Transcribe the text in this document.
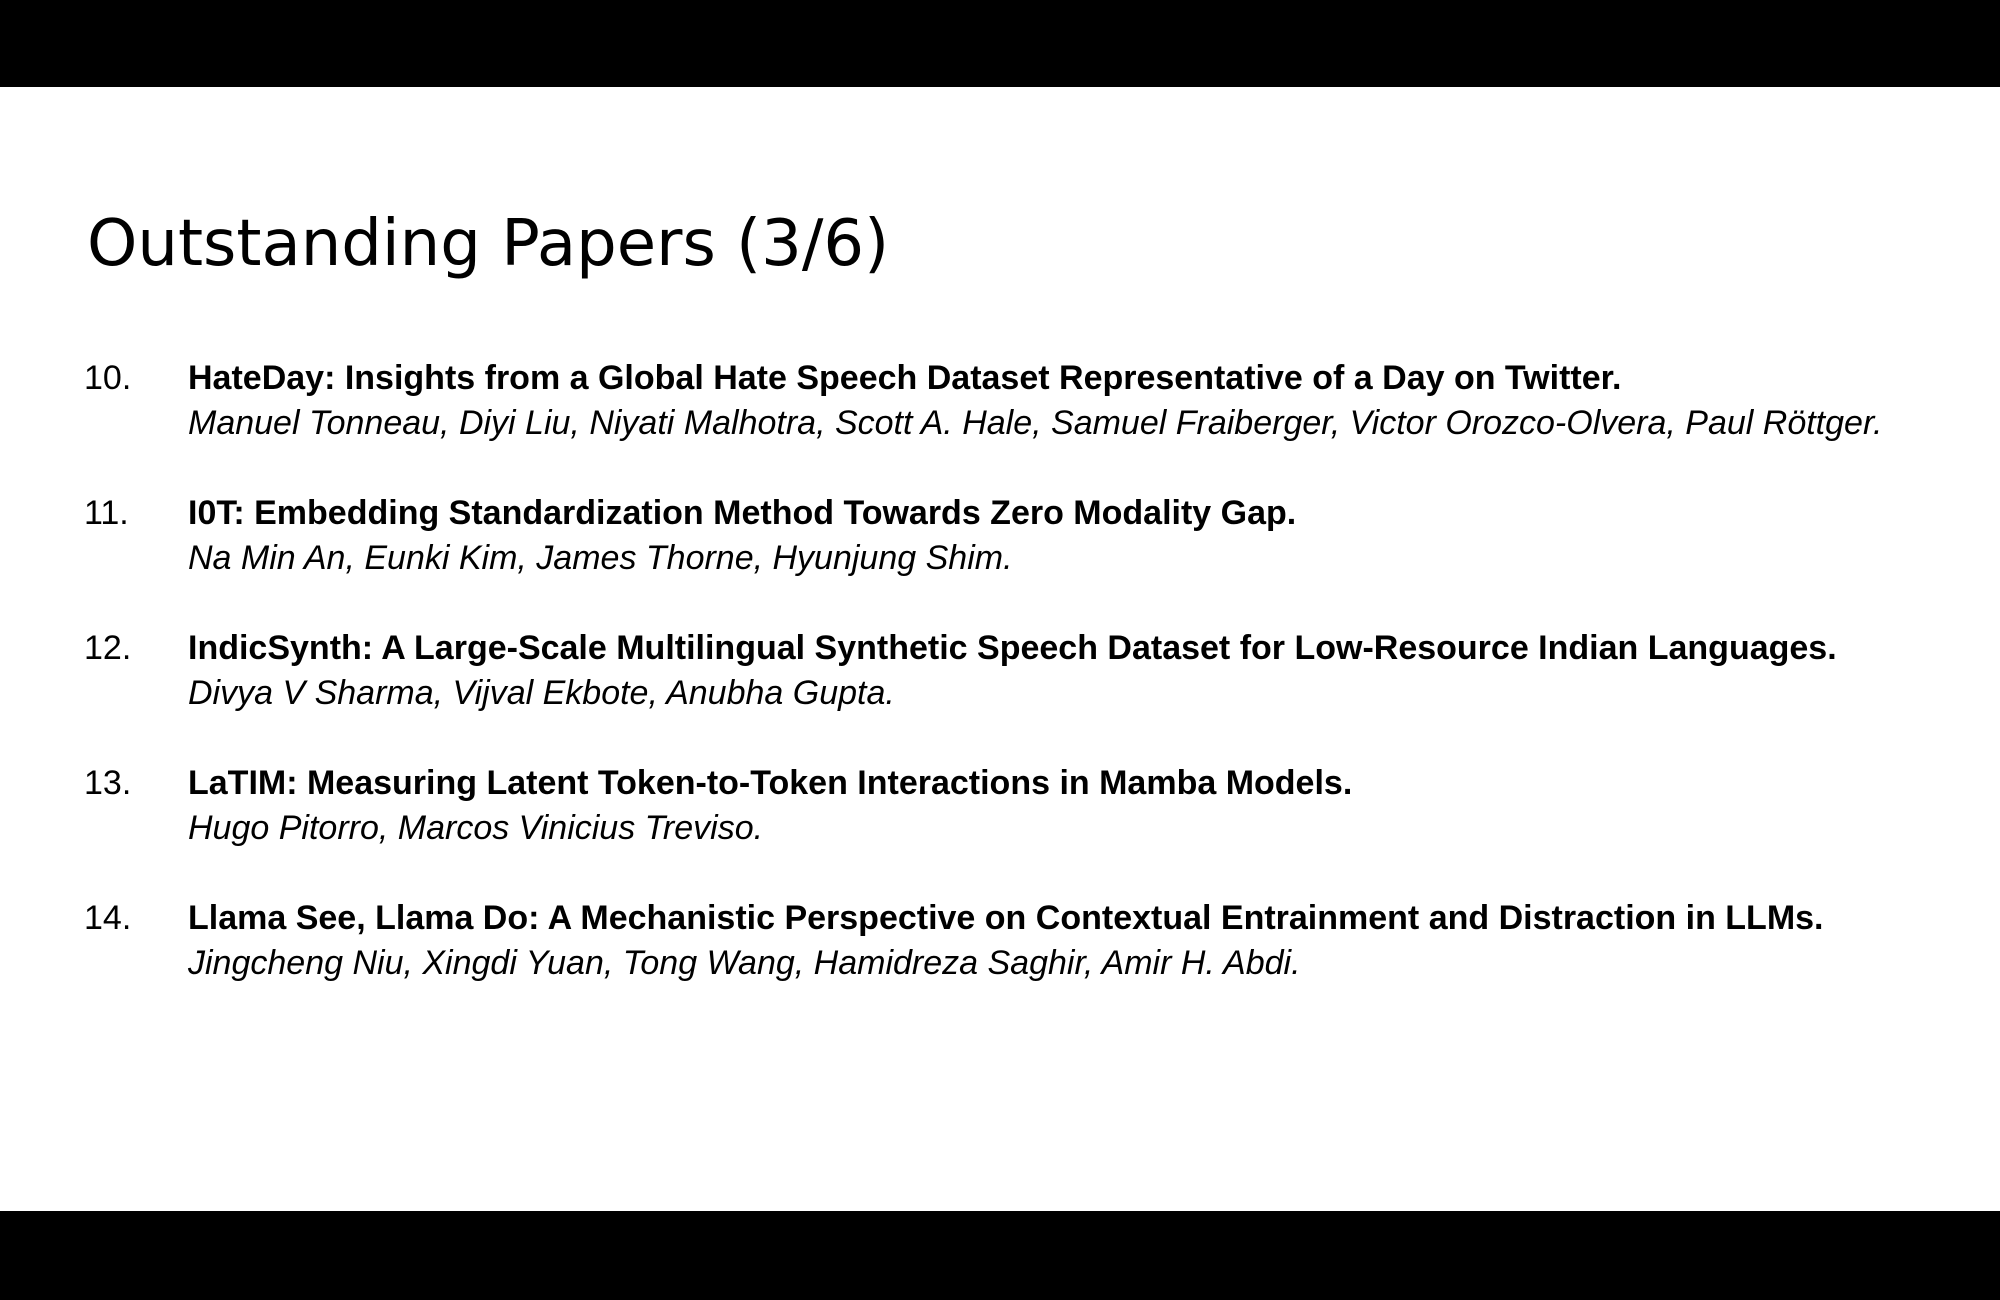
Outstanding Papers (3/6)
10. HateDay: Insights from a Global Hate Speech Dataset Representative of a Day on Twitter.
Manuel Tonneau, Diyi Liu, Niyati Malhotra, Scott A. Hale, Samuel Fraiberger, Victor Orozco-Olvera, Paul Röttger.
11. I0T: Embedding Standardization Method Towards Zero Modality Gap.
Na Min An, Eunki Kim, James Thorne, Hyunjung Shim.
12. IndicSynth: A Large-Scale Multilingual Synthetic Speech Dataset for Low-Resource Indian Languages.
Divya V Sharma, Vijval Ekbote, Anubha Gupta.
13. LaTIM: Measuring Latent Token-to-Token Interactions in Mamba Models.
Hugo Pitorro, Marcos Vinicius Treviso.
14. Llama See, Llama Do: A Mechanistic Perspective on Contextual Entrainment and Distraction in LLMs.
Jingcheng Niu, Xingdi Yuan, Tong Wang, Hamidreza Saghir, Amir H. Abdi.
